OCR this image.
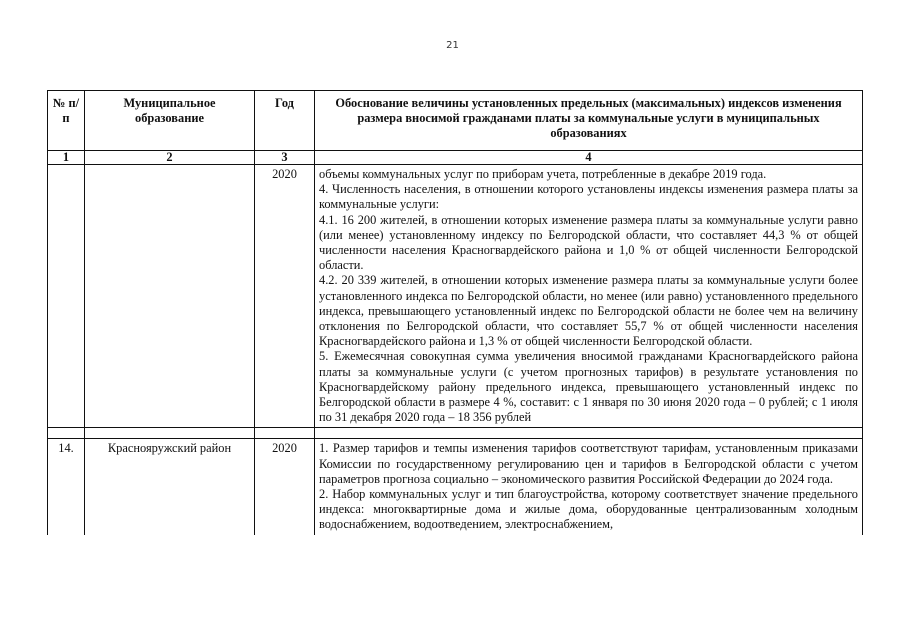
21
№ п/п	Муниципальное образование	Год	Обоснование величины установленных предельных (максимальных) индексов изменения размера вносимой гражданами платы за коммунальные услуги в муниципальных образованиях
1	2	3	4
		2020	объемы коммунальных услуг по приборам учета, потребленные в декабре 2019 года.

4. Численность населения, в отношении которого установлены индексы изменения размера платы за коммунальные услуги:

4.1. 16 200 жителей, в отношении которых изменение размера платы за коммунальные услуги равно (или менее) установленному индексу по Белгородской области, что составляет 44,3 % от общей численности населения Красногвардейского района и 1,0 % от общей численности Белгородской области.

4.2. 20 339 жителей, в отношении которых изменение размера платы за коммунальные услуги более установленного индекса по Белгородской области, но менее (или равно) установленного предельного индекса, превышающего установленный индекс по Белгородской области не более чем на величину отклонения по Белгородской области, что составляет 55,7 % от общей численности населения Красногвардейского района и 1,3 % от общей численности Белгородской области.

5. Ежемесячная совокупная сумма увеличения вносимой гражданами Красногвардейского района платы за коммунальные услуги (с учетом прогнозных тарифов) в результате установления по Красногвардейскому району предельного индекса, превышающего установленный индекс по Белгородской области в размере 4 %, составит: с 1 января по 30 июня 2020 года – 0 рублей; с 1 июля по 31 декабря 2020 года – 18 356 рублей

14.	Краснояружский район	2020	1. Размер тарифов и темпы изменения тарифов соответствуют тарифам, установленным приказами Комиссии по государственному регулированию цен и тарифов в Белгородской области с учетом параметров прогноза социально – экономического развития Российской Федерации до 2024 года.

2. Набор коммунальных услуг и тип благоустройства, которому соответствует значение предельного индекса: многоквартирные дома и жилые дома, оборудованные централизованным холодным водоснабжением, водоотведением, электроснабжением,
